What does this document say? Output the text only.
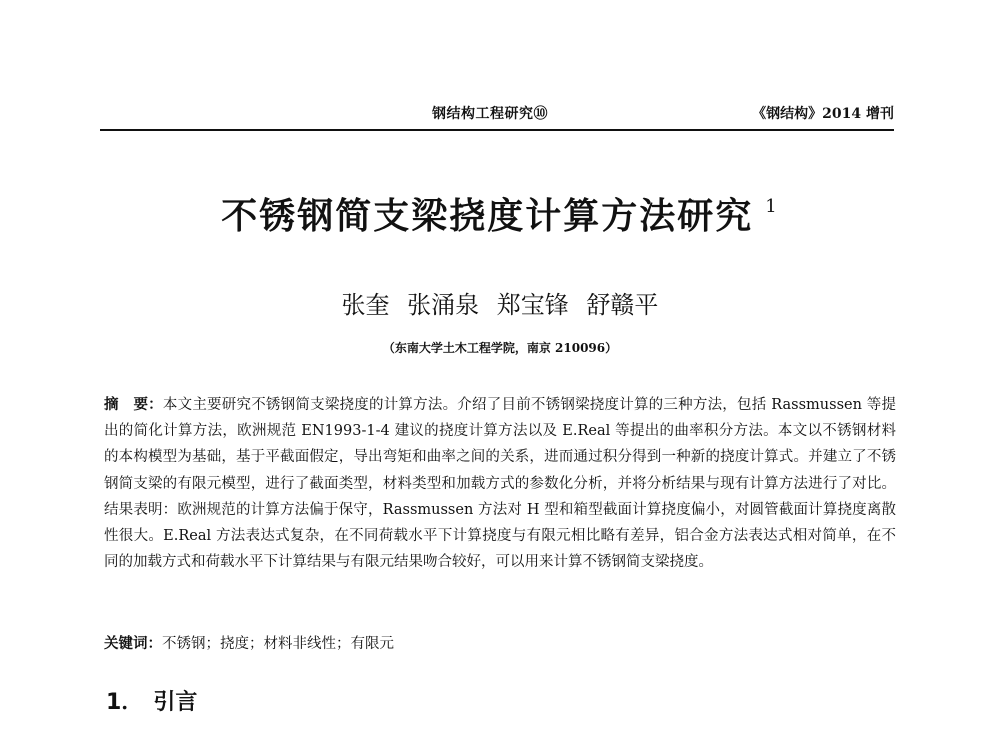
钢结构工程研究⑩	《钢结构》2014 增刊
不锈钢简支梁挠度计算方法研究 $^1$
张奎 张涌泉 郑宝锋 舒赣平
（东南大学土木工程学院，南京 210096）
摘　要：本文主要研究不锈钢简支梁挠度的计算方法。介绍了目前不锈钢梁挠度计算的三种方法，包括 Rassmussen 等提出的简化计算方法，欧洲规范 EN1993-1-4 建议的挠度计算方法以及 E.Real 等提出的曲率积分方法。本文以不锈钢材料的本构模型为基础，基于平截面假定，导出弯矩和曲率之间的关系，进而通过积分得到一种新的挠度计算式。并建立了不锈钢简支梁的有限元模型，进行了截面类型，材料类型和加载方式的参数化分析，并将分析结果与现有计算方法进行了对比。结果表明：欧洲规范的计算方法偏于保守，Rassmussen 方法对 H 型和箱型截面计算挠度偏小，对圆管截面计算挠度离散性很大。E.Real 方法表达式复杂，在不同荷载水平下计算挠度与有限元相比略有差异，铝合金方法表达式相对简单，在不同的加载方式和荷载水平下计算结果与有限元结果吻合较好，可以用来计算不锈钢简支梁挠度。
关键词：不锈钢；挠度；材料非线性；有限元
1． 引言
